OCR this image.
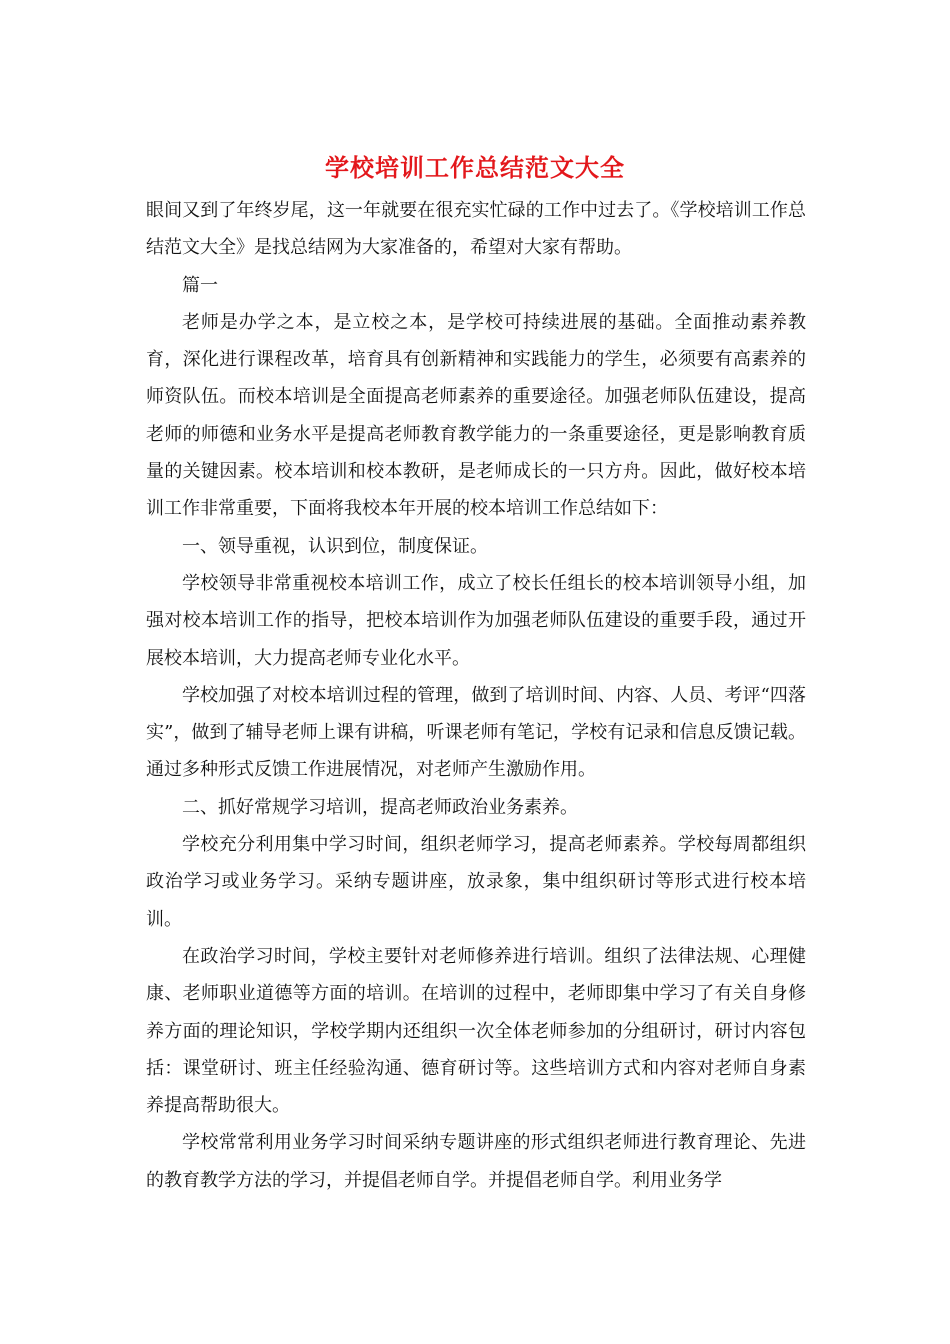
学校培训工作总结范文大全

眼间又到了年终岁尾，这一年就要在很充实忙碌的工作中过去了。《学校培训工作总结范文大全》是找总结网为大家准备的，希望对大家有帮助。

篇一

老师是办学之本，是立校之本，是学校可持续进展的基础。全面推动素养教育，深化进行课程改革，培育具有创新精神和实践能力的学生，必须要有高素养的师资队伍。而校本培训是全面提高老师素养的重要途径。加强老师队伍建设，提高老师的师德和业务水平是提高老师教育教学能力的一条重要途径，更是影响教育质量的关键因素。校本培训和校本教研，是老师成长的一只方舟。因此，做好校本培训工作非常重要，下面将我校本年开展的校本培训工作总结如下：

一、领导重视，认识到位，制度保证。

学校领导非常重视校本培训工作，成立了校长任组长的校本培训领导小组，加强对校本培训工作的指导，把校本培训作为加强老师队伍建设的重要手段，通过开展校本培训，大力提高老师专业化水平。

学校加强了对校本培训过程的管理，做到了培训时间、内容、人员、考评“四落实”，做到了辅导老师上课有讲稿，听课老师有笔记，学校有记录和信息反馈记载。通过多种形式反馈工作进展情况，对老师产生激励作用。

二、抓好常规学习培训，提高老师政治业务素养。

学校充分利用集中学习时间，组织老师学习，提高老师素养。学校每周都组织政治学习或业务学习。采纳专题讲座，放录象，集中组织研讨等形式进行校本培训。

在政治学习时间，学校主要针对老师修养进行培训。组织了法律法规、心理健康、老师职业道德等方面的培训。在培训的过程中，老师即集中学习了有关自身修养方面的理论知识，学校学期内还组织一次全体老师参加的分组研讨，研讨内容包括：课堂研讨、班主任经验沟通、德育研讨等。这些培训方式和内容对老师自身素养提高帮助很大。

学校常常利用业务学习时间采纳专题讲座的形式组织老师进行教育理论、先进的教育教学方法的学习，并提倡老师自学。并提倡老师自学。利用业务学
